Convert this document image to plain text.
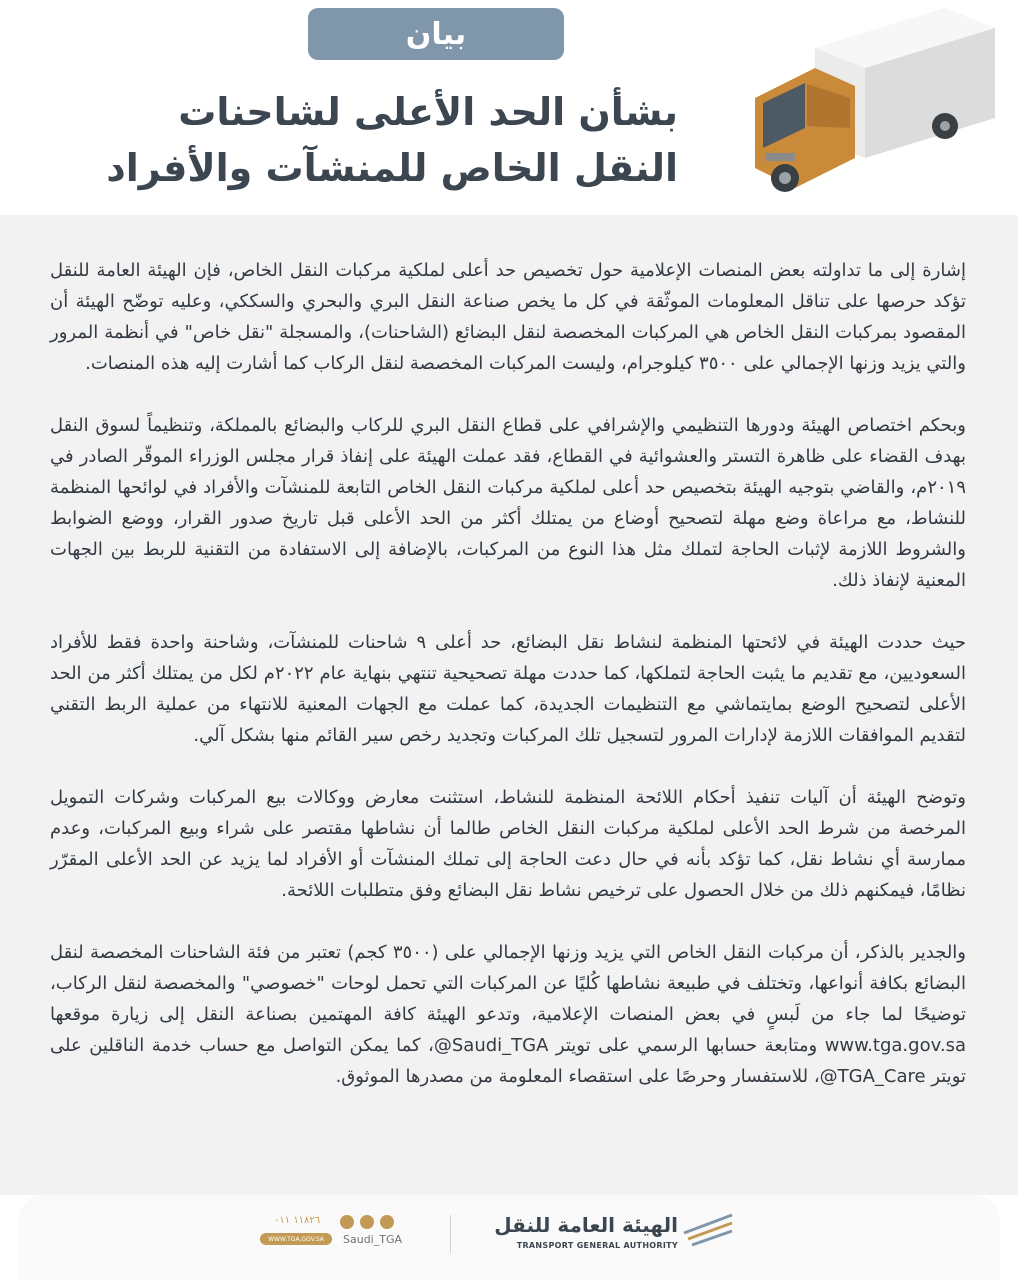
بيان
بشأن الحد الأعلى لشاحنات
النقل الخاص للمنشآت والأفراد

إشارة إلى ما تداولته بعض المنصات الإعلامية حول تخصيص حد أعلى لملكية مركبات النقل الخاص، فإن الهيئة العامة للنقل تؤكد حرصها على تناقل المعلومات الموثّقة في كل ما يخص صناعة النقل البري والبحري والسككي، وعليه توضّح الهيئة أن المقصود بمركبات النقل الخاص هي المركبات المخصصة لنقل البضائع (الشاحنات)، والمسجلة "نقل خاص" في أنظمة المرور والتي يزيد وزنها الإجمالي على ٣٥٠٠ كيلوجرام، وليست المركبات المخصصة لنقل الركاب كما أشارت إليه هذه المنصات.

وبحكم اختصاص الهيئة ودورها التنظيمي والإشرافي على قطاع النقل البري للركاب والبضائع بالمملكة، وتنظيماً لسوق النقل بهدف القضاء على ظاهرة التستر والعشوائية في القطاع، فقد عملت الهيئة على إنفاذ قرار مجلس الوزراء الموقّر الصادر في ٢٠١٩م، والقاضي بتوجيه الهيئة بتخصيص حد أعلى لملكية مركبات النقل الخاص التابعة للمنشآت والأفراد في لوائحها المنظمة للنشاط، مع مراعاة وضع مهلة لتصحيح أوضاع من يمتلك أكثر من الحد الأعلى قبل تاريخ صدور القرار، ووضع الضوابط والشروط اللازمة لإثبات الحاجة لتملك مثل هذا النوع من المركبات، بالإضافة إلى الاستفادة من التقنية للربط بين الجهات المعنية لإنفاذ ذلك.

حيث حددت الهيئة في لائحتها المنظمة لنشاط نقل البضائع، حد أعلى ٩ شاحنات للمنشآت، وشاحنة واحدة فقط للأفراد السعوديين، مع تقديم ما يثبت الحاجة لتملكها، كما حددت مهلة تصحيحية تنتهي بنهاية عام ٢٠٢٢م لكل من يمتلك أكثر من الحد الأعلى لتصحيح الوضع بمايتماشي مع التنظيمات الجديدة، كما عملت مع الجهات المعنية للانتهاء من عملية الربط التقني لتقديم الموافقات اللازمة لإدارات المرور لتسجيل تلك المركبات وتجديد رخص سير القائم منها بشكل آلي.

وتوضح الهيئة أن آليات تنفيذ أحكام اللائحة المنظمة للنشاط، استثنت معارض ووكالات بيع المركبات وشركات التمويل المرخصة من شرط الحد الأعلى لملكية مركبات النقل الخاص طالما أن نشاطها مقتصر على شراء وبيع المركبات، وعدم ممارسة أي نشاط نقل، كما تؤكد بأنه في حال دعت الحاجة إلى تملك المنشآت أو الأفراد لما يزيد عن الحد الأعلى المقرّر نظامًا، فيمكنهم ذلك من خلال الحصول على ترخيص نشاط نقل البضائع وفق متطلبات اللائحة.

والجدير بالذكر، أن مركبات النقل الخاص التي يزيد وزنها الإجمالي على (٣٥٠٠ كجم) تعتبر من فئة الشاحنات المخصصة لنقل البضائع بكافة أنواعها، وتختلف في طبيعة نشاطها كُليًا عن المركبات التي تحمل لوحات "خصوصي" والمخصصة لنقل الركاب، توضيحًا لما جاء من لَبسٍ في بعض المنصات الإعلامية، وتدعو الهيئة كافة المهتمين بصناعة النقل إلى زيارة موقعها www.tga.gov.sa ومتابعة حسابها الرسمي على تويتر Saudi_TGA@، كما يمكن التواصل مع حساب خدمة الناقلين على تويتر TGA_Care@، للاستفسار وحرصًا على استقصاء المعلومة من مصدرها الموثوق.

الهيئة العامة للنقل
TRANSPORT GENERAL AUTHORITY
١١٨٢٦ ٠١١
Saudi_TGA
WWW.TGA.GOV.SA
